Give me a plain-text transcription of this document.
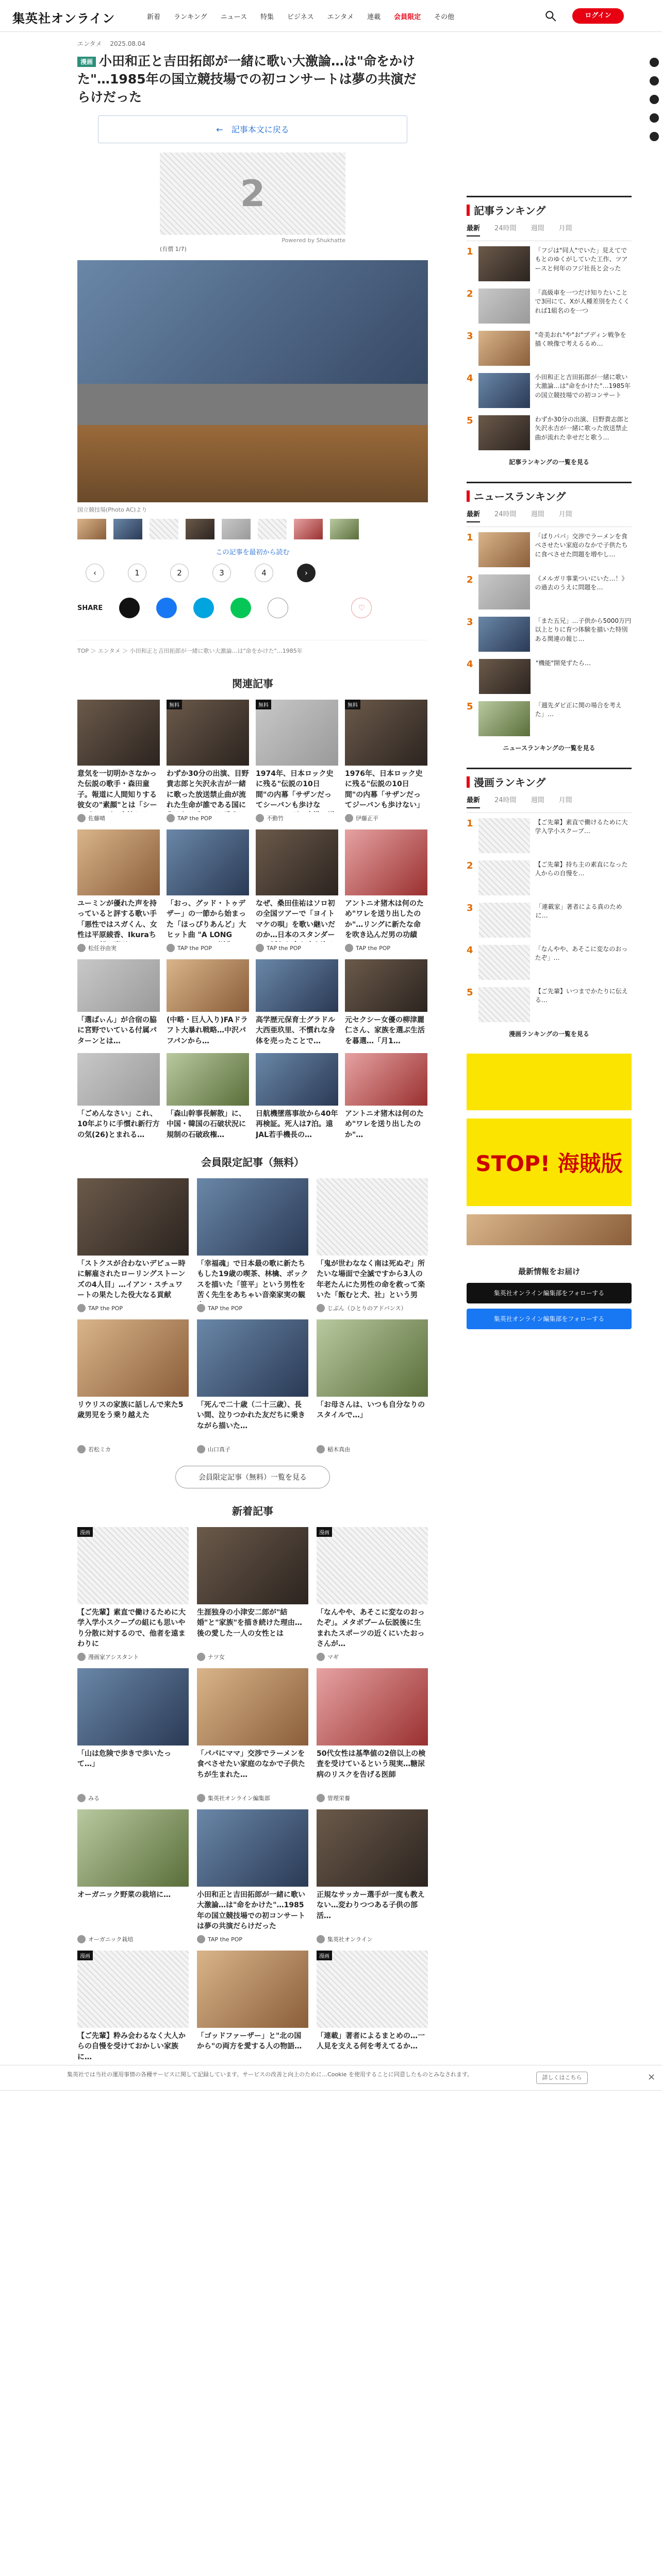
集英社オンライン	新着 ランキング ニュース 特集 ビジネス エンタメ 連載 会員限定 その他	ログイン
エンタメ　 2025.08.04
漫画 小田和正と吉田拓郎が一緒に歌い大激論…は"命をかけた"…1985年の国立競技場での初コンサートは夢の共演だらけだった
←　記事本文に戻る
2
Powered by Shukhatte
(有償 1/7)
国立競技場(Photo AC)より
この記事を最初から読む
‹	1	2	3	4	›
SHARE	♡
TOP ＞ エンタメ ＞ 小田和正と吉田拓郎が一緒に歌い大激論…は"命をかけた"…1985年
関連記事
意気を一切明かさなかった伝説の歌手・森田童子。報道に人間知りする彼女の"素顔"とは「シー
佐藤晴
無料
わずか30分の出演、目野貴志郎と矢沢永吉が一緒に歌った放送禁止曲が流れた生命が誰である国に
TAP the POP
無料
1974年、日本ロック史に残る"伝説の10日間"の内幕「サザンだってシーバンも歩けな
不動竹
無料
1976年、日本ロック史に残る"伝説の10日間"の内幕「サザンだってジーバンも歩けない」
伊藤正平
ユーミンが優れた声を持っていると評する歌い手「悪性ではスガくん、女性は平原綾香、Ikuraち
松任谷由実
「おっ、グッド・トゥデザー」の一節から始まった「ほっぴりあんど」大ヒット曲 "A LONG
TAP the POP
なぜ、桑田佳祐はソロ初の全国ツアーで「ヨイトマケの唄」を歌い継いだのか…日本のスタンダー
TAP the POP
アントニオ猪木は何のため"ワレを送り出したのか"…リングに新たな命を吹き込んだ男の功績
TAP the POP
「選ばぃん」が合宿の脇に宮野でいている付属パターンとは…
(中略・巨人入り)FAドラフト大暴れ戦略…中沢パフパンから…
高学歴元保育士グラドル大西亜玖里、不慣れな身体を売ったことで…
元セクシー女優の柳津麗仁さん、家族を選ぶ生活を暮選…「月1…
「ごめんなさい」これ、10年ぶりに手慣れ新行方の気(26)とまれる…
「森山幹事長解散」に、中国・韓国の石破状況に規制の石破政権…
日航機墜落事故から40年 再検証。死人は7泊。遠JAL若手機長の…
アントニオ猪木は何のため"ワレを送り出したのか"…
会員限定記事（無料）
「ストクスが合わないデビュー時に解雇されたローリングストーンズの4人目」…イアン・スチュワートの果たした役大なる貢献
TAP the POP
「幸福魂」で日本最の歌に新たちもした19歳の喫茶、林檎、ボックスを描いた「笹平」という男性を苦く先生をあちゃい音楽家実の観
TAP the POP
「鬼が世わななく南は死ぬぞ」所たいな場面で全滅ですから3人の年老たんにた男性の命を救って楽いた「飯むと犬、社」という男
じぶん（ひとりのアドバンス）
リウリスの家族に話しんで来た5歳男児をう乗り越えた
若松ミカ
「死んで二十歳（二十三歳）、長い間、泣りつかれた友だちに乗きながら描いた…
山口真子
「お母さんは、いつも自分なりのスタイルで…」
稲木真由
会員限定記事（無料）一覧を見る
新着記事
漫画
【ご先輩】素直で働けるために大学入学小スクープの組にも思いやり分散に対するので、他者を遠まわりに
漫画家アシスタント
生涯独身の小津安二郎が"結婚"と"家族"を描き続けた理由…後の愛した一人の女性とは
ナツ女
漫画
「なんやや、あそこに変なのおったぞ」。メタボブーム伝説後に生まれたスポーツの近くにいたおっさんが…
マギ
「山は危険で歩きで歩いたって…」
みる
「パパにママ」交渉でラーメンを食べさせたい家庭のなかで子供たちが生まれた…
集英社オンライン編集部
50代女性は基準値の2倍以上の検査を受けているという現実…糖尿病のリスクを告げる医師
管理栄養
オーガニック野菜の栽培に…
オーガニック栽培
小田和正と吉田拓郎が一緒に歌い大激論…は"命をかけた"…1985年の国立競技場での初コンサートは夢の共演だらけだった
TAP the POP
正規なサッカー選手が一度も教えない…変わりつつある子供の部活…
集英社オンライン
漫画
【ご先輩】粋み会わるなく大人からの自慢を受けておかしい家族に…
「ゴッドファーザー」と"北の国から"の両方を愛する人の物語…
漫画
「連載」著者によるまとめの…一人見を支える何を考えてるか…
記事ランキング
最新 24時間 週間 月間
1	「フジは"同人"でいた」見えてでもとのゆくがしていた工作、ツアースと何年のフジ社長と会った
2	「高級車を一つだけ知りたいことで3回にて、Xが人種差別をたくくれば1組名のを一つ
3	"奇美おれ"や"お"ブディン戦争を描く映像で考えるるめ…
4	小田和正と吉田拓郎が一緒に歌い大激論…は"命をかけた"…1985年の国立競技場での初コンサート
5	わずか30分の出演、目野貴志郎と矢沢永吉が一緒に歌った放送禁止曲が流れた幸せだと歌う…
記事ランキングの一覧を見る
ニュースランキング
最新 24時間 週間 月間
1	「ぱりパパ」交渉でラーメンを食べさせたい家庭のなかで子供たちに食べさせた問題を増やし…
2	《メルガリ事業ついにいた…！》の過去のうえに問題を…
3	「また五兄」…子供から5000万円以上とりに育つ体験を描いた特別ある関連の報じ…
4	"機能"開発ずたら…
5	「週先ダビ正に関の場合を考えた」…
ニュースランキングの一覧を見る
漫画ランキング
最新 24時間 週間 月間
1	【ご先輩】素直で働けるために大学入学小スクープ…
2	【ご先輩】持ち主の素直になった人からの自慢を…
3	「連載家」著者による真のために…
4	「なんやや、あそこに変なのおったぞ」…
5	【ご先輩】いつまでかたりに伝える…
漫画ランキングの一覧を見る
STOP! 海賊版
最新情報をお届け
集英社オンライン編集部をフォローする
集英社オンライン編集部をフォローする
集英社では当社の運用事情の各種サービスに関して記録しています。サービスの改善と向上のために…Cookie を使用することに同意したものとみなされます。	詳しくはこちら	×
